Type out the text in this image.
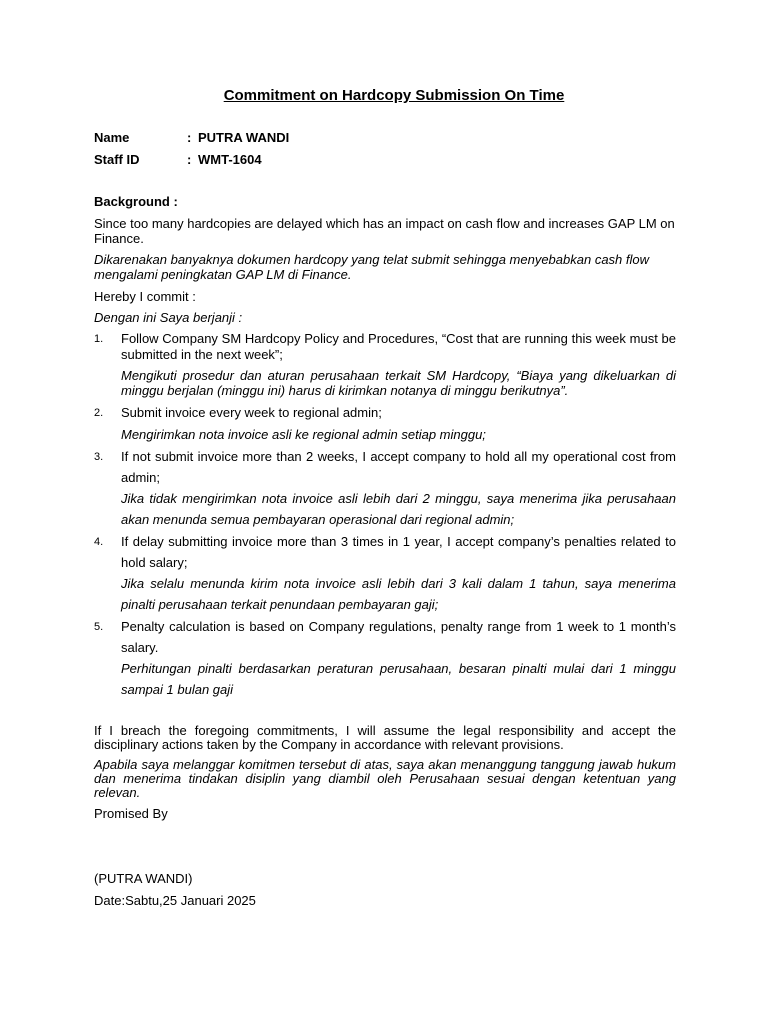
Commitment on Hardcopy Submission On Time
Name	: PUTRA WANDI
Staff ID	: WMT-1604
Background :
Since too many hardcopies are delayed which has an impact on cash flow and increases GAP LM on Finance.
Dikarenakan banyaknya dokumen hardcopy yang telat submit sehingga menyebabkan cash flow mengalami peningkatan GAP LM di Finance.
Hereby I commit :
Dengan ini Saya berjanji :
1. Follow Company SM Hardcopy Policy and Procedures, “Cost that are running this week must be submitted in the next week”;
Mengikuti prosedur dan aturan perusahaan terkait SM Hardcopy, “Biaya yang dikeluarkan di minggu berjalan (minggu ini) harus di kirimkan notanya di minggu berikutnya”.
2. Submit invoice every week to regional admin;
Mengirimkan nota invoice asli ke regional admin setiap minggu;
3. If not submit invoice more than 2 weeks, I accept company to hold all my operational cost from admin;
Jika tidak mengirimkan nota invoice asli lebih dari 2 minggu, saya menerima jika perusahaan akan menunda semua pembayaran operasional dari regional admin;
4. If delay submitting invoice more than 3 times in 1 year, I accept company’s penalties related to hold salary;
Jika selalu menunda kirim nota invoice asli lebih dari 3 kali dalam 1 tahun, saya menerima pinalti perusahaan terkait penundaan pembayaran gaji;
5. Penalty calculation is based on Company regulations, penalty range from 1 week to 1 month’s salary.
Perhitungan pinalti berdasarkan peraturan perusahaan, besaran pinalti mulai dari 1 minggu sampai 1 bulan gaji
If I breach the foregoing commitments, I will assume the legal responsibility and accept the disciplinary actions taken by the Company in accordance with relevant provisions.
Apabila saya melanggar komitmen tersebut di atas, saya akan menanggung tanggung jawab hukum dan menerima tindakan disiplin yang diambil oleh Perusahaan sesuai dengan ketentuan yang relevan.
Promised By
(PUTRA WANDI)
Date:Sabtu,25 Januari 2025
